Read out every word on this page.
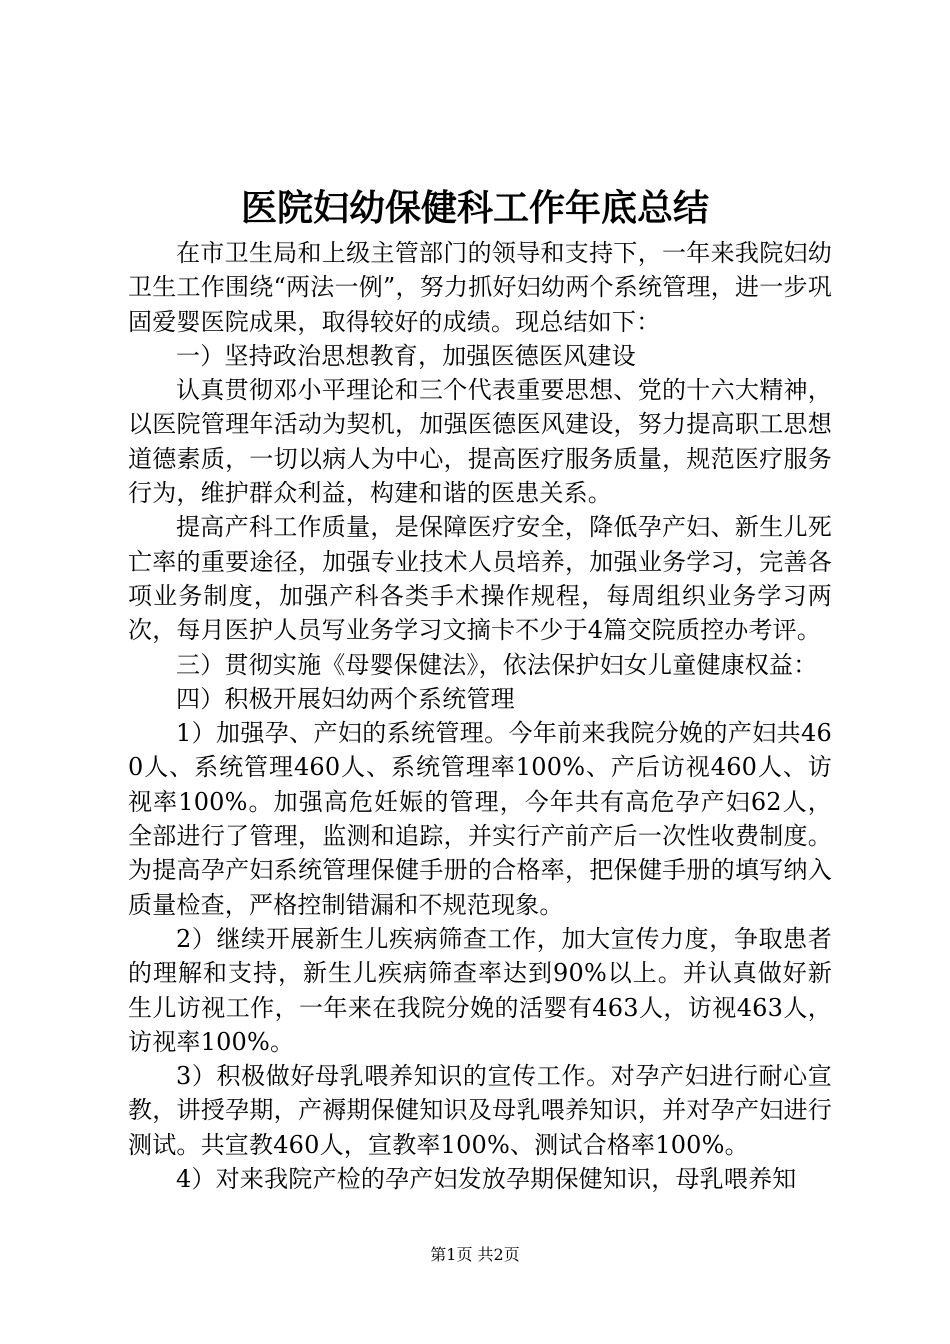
医院妇幼保健科工作年底总结

在市卫生局和上级主管部门的领导和支持下，一年来我院妇幼卫生工作围绕“两法一例”，努力抓好妇幼两个系统管理，进一步巩固爱婴医院成果，取得较好的成绩。现总结如下：

一）坚持政治思想教育，加强医德医风建设

认真贯彻邓小平理论和三个代表重要思想、党的十六大精神，以医院管理年活动为契机，加强医德医风建设，努力提高职工思想道德素质，一切以病人为中心，提高医疗服务质量，规范医疗服务行为，维护群众利益，构建和谐的医患关系。

提高产科工作质量，是保障医疗安全，降低孕产妇、新生儿死亡率的重要途径，加强专业技术人员培养，加强业务学习，完善各项业务制度，加强产科各类手术操作规程，每周组织业务学习两次，每月医护人员写业务学习文摘卡不少于4篇交院质控办考评。

三）贯彻实施《母婴保健法》，依法保护妇女儿童健康权益：

四）积极开展妇幼两个系统管理

1）加强孕、产妇的系统管理。今年前来我院分娩的产妇共460人、系统管理460人、系统管理率100%、产后访视460人、访视率100%。加强高危妊娠的管理，今年共有高危孕产妇62人，全部进行了管理，监测和追踪，并实行产前产后一次性收费制度。为提高孕产妇系统管理保健手册的合格率，把保健手册的填写纳入质量检查，严格控制错漏和不规范现象。

2）继续开展新生儿疾病筛查工作，加大宣传力度，争取患者的理解和支持，新生儿疾病筛查率达到90%以上。并认真做好新生儿访视工作，一年来在我院分娩的活婴有463人，访视463人，访视率100%。

3）积极做好母乳喂养知识的宣传工作。对孕产妇进行耐心宣教，讲授孕期，产褥期保健知识及母乳喂养知识，并对孕产妇进行测试。共宣教460人，宣教率100%、测试合格率100%。

4）对来我院产检的孕产妇发放孕期保健知识，母乳喂养知

第1页 共2页
